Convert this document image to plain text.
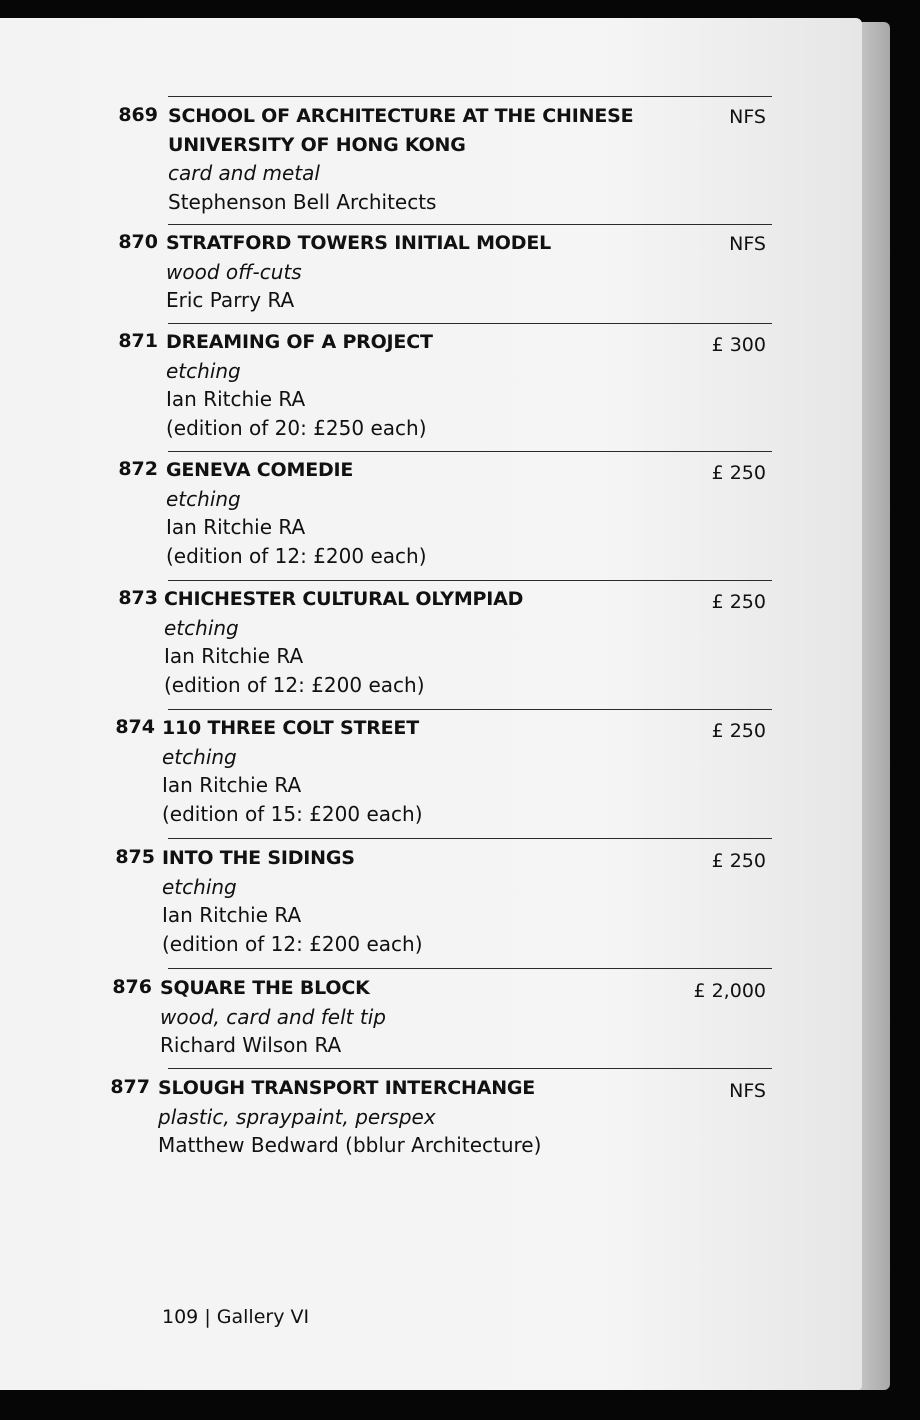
869 SCHOOL OF ARCHITECTURE AT THE CHINESE UNIVERSITY OF HONG KONG
card and metal
Stephenson Bell Architects
NFS
870 STRATFORD TOWERS INITIAL MODEL
wood off-cuts
Eric Parry RA
NFS
871 DREAMING OF A PROJECT
etching
Ian Ritchie RA
(edition of 20: £250 each)
£ 300
872 GENEVA COMEDIE
etching
Ian Ritchie RA
(edition of 12: £200 each)
£ 250
873 CHICHESTER CULTURAL OLYMPIAD
etching
Ian Ritchie RA
(edition of 12: £200 each)
£ 250
874 110 THREE COLT STREET
etching
Ian Ritchie RA
(edition of 15: £200 each)
£ 250
875 INTO THE SIDINGS
etching
Ian Ritchie RA
(edition of 12: £200 each)
£ 250
876 SQUARE THE BLOCK
wood, card and felt tip
Richard Wilson RA
£ 2,000
877 SLOUGH TRANSPORT INTERCHANGE
plastic, spraypaint, perspex
Matthew Bedward (bblur Architecture)
NFS
109 | Gallery VI
